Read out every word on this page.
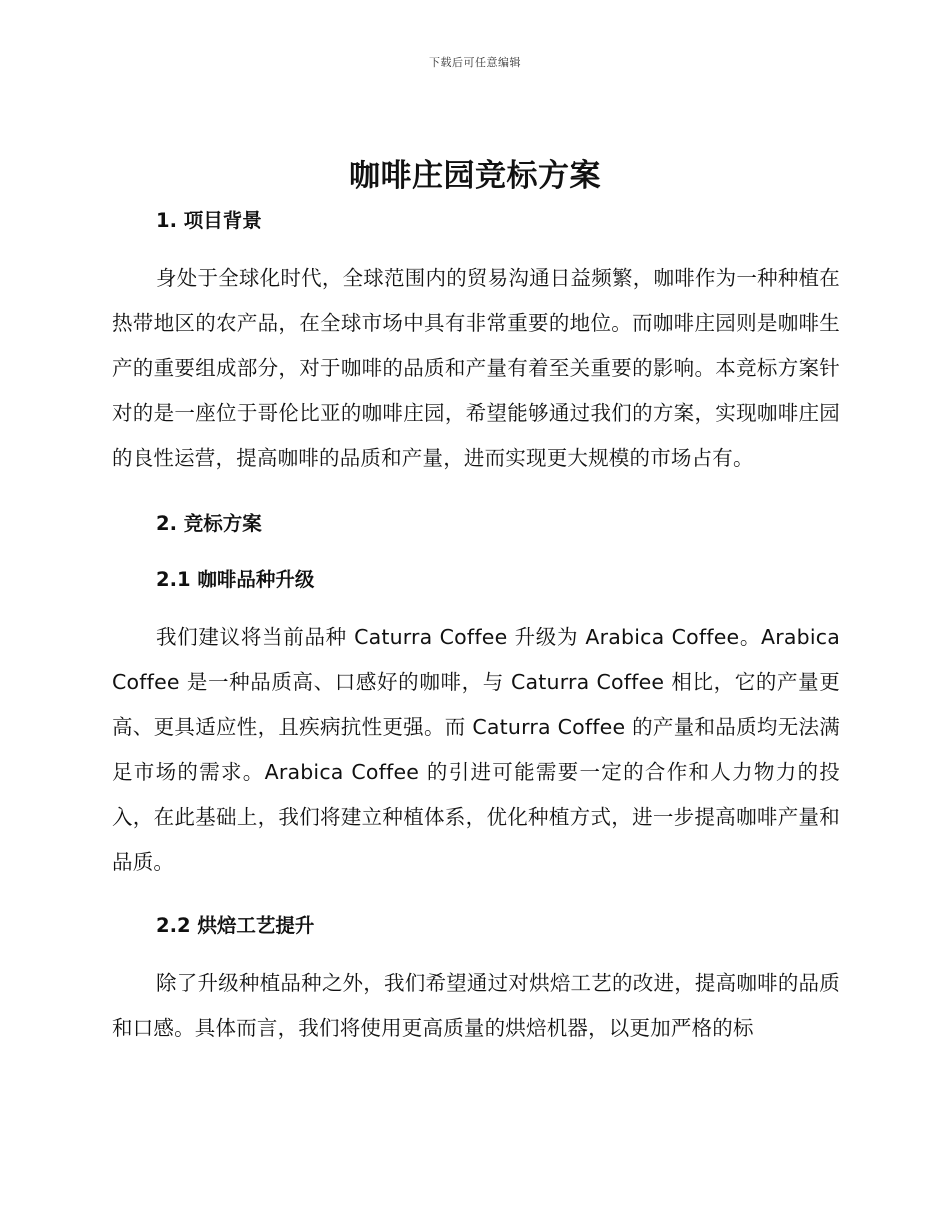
下载后可任意编辑
咖啡庄园竞标方案
1. 项目背景

身处于全球化时代，全球范围内的贸易沟通日益频繁，咖啡作为一种种植在热带地区的农产品，在全球市场中具有非常重要的地位。而咖啡庄园则是咖啡生产的重要组成部分，对于咖啡的品质和产量有着至关重要的影响。本竞标方案针对的是一座位于哥伦比亚的咖啡庄园，希望能够通过我们的方案，实现咖啡庄园的良性运营，提高咖啡的品质和产量，进而实现更大规模的市场占有。

2. 竞标方案
2.1 咖啡品种升级

我们建议将当前品种 Caturra Coffee 升级为 Arabica Coffee。Arabica Coffee 是一种品质高、口感好的咖啡，与 Caturra Coffee 相比，它的产量更高、更具适应性，且疾病抗性更强。而 Caturra Coffee 的产量和品质均无法满足市场的需求。Arabica Coffee 的引进可能需要一定的合作和人力物力的投入，在此基础上，我们将建立种植体系，优化种植方式，进一步提高咖啡产量和品质。

2.2 烘焙工艺提升

除了升级种植品种之外，我们希望通过对烘焙工艺的改进，提高咖啡的品质和口感。具体而言，我们将使用更高质量的烘焙机器，以更加严格的标
